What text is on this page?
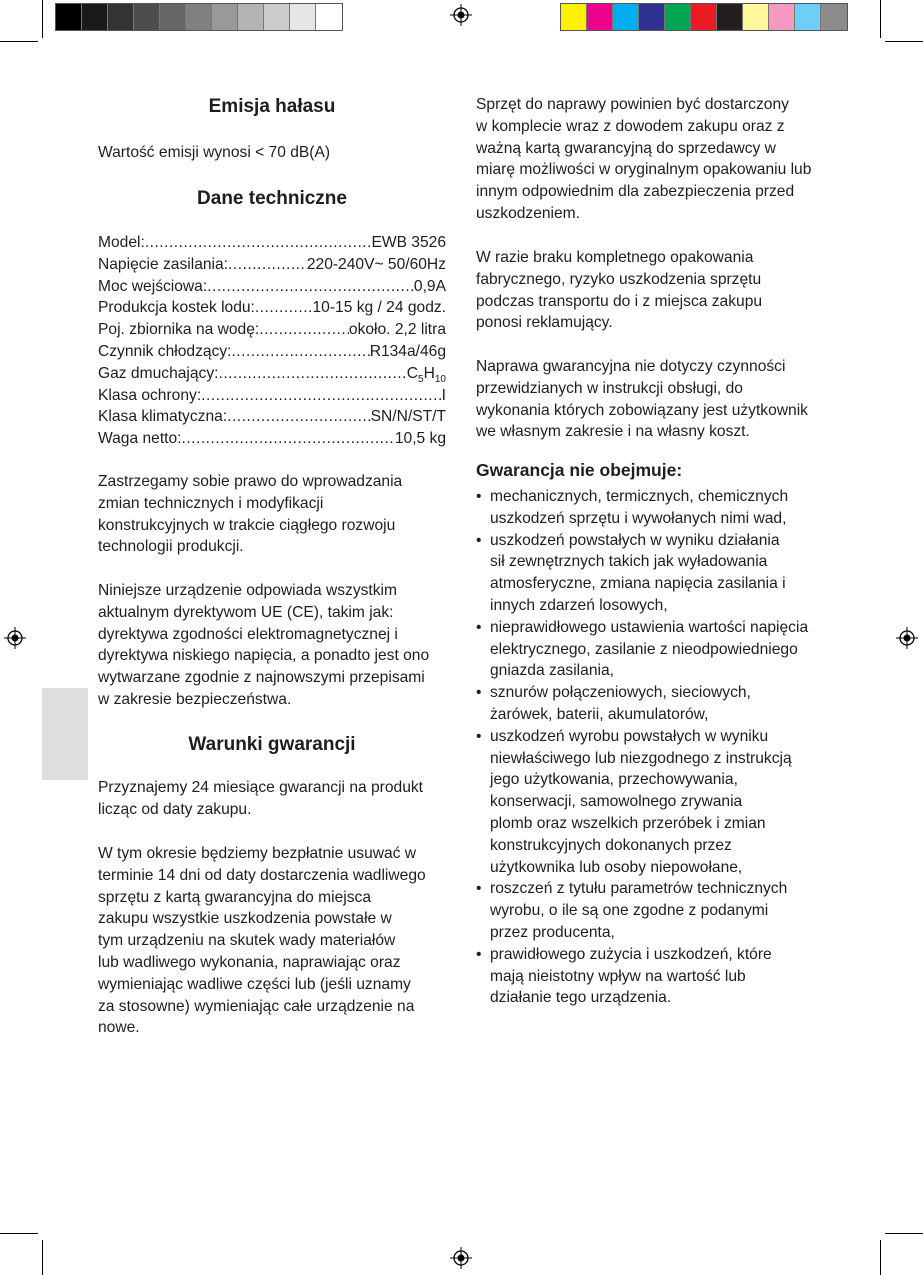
Emisja hałasu

Wartość emisji wynosi < 70 dB(A)

Dane techniczne
Model: .....	EWB 3526
Napięcie zasilania: .....	220-240V~ 50/60Hz
Moc wejściowa: .....	0,9A
Produkcja kostek lodu: .....	10-15 kg / 24 godz.
Poj. zbiornika na wodę: .....	około. 2,2 litra
Czynnik chłodzący: .....	R134a/46g
Gaz dmuchający: .....	$C_5H_{10}$
Klasa ochrony: .....	I
Klasa klimatyczna: .....	SN/N/ST/T
Waga netto: .....	10,5 kg

Zastrzegamy sobie prawo do wprowadzania
zmian technicznych i modyfikacji
konstrukcyjnych w trakcie ciągłego rozwoju
technologii produkcji.

Niniejsze urządzenie odpowiada wszystkim
aktualnym dyrektywom UE (CE), takim jak:
dyrektywa zgodności elektromagnetycznej i
dyrektywa niskiego napięcia, a ponadto jest ono
wytwarzane zgodnie z najnowszymi przepisami
w zakresie bezpieczeństwa.

Warunki gwarancji

Przyznajemy 24 miesiące gwarancji na produkt
licząc od daty zakupu.

W tym okresie będziemy bezpłatnie usuwać w
terminie 14 dni od daty dostarczenia wadliwego
sprzętu z kartą gwarancyjna do miejsca
zakupu wszystkie uszkodzenia powstałe w
tym urządzeniu na skutek wady materiałów
lub wadliwego wykonania, naprawiając oraz
wymieniając wadliwe części lub (jeśli uznamy
za stosowne) wymieniając całe urządzenie na
nowe.

Sprzęt do naprawy powinien być dostarczony
w komplecie wraz z dowodem zakupu oraz z
ważną kartą gwarancyjną do sprzedawcy w
miarę możliwości w oryginalnym opakowaniu lub
innym odpowiednim dla zabezpieczenia przed
uszkodzeniem.

W razie braku kompletnego opakowania
fabrycznego, ryzyko uszkodzenia sprzętu
podczas transportu do i z miejsca zakupu
ponosi reklamujący.

Naprawa gwarancyjna nie dotyczy czynności
przewidzianych w instrukcji obsługi, do
wykonania których zobowiązany jest użytkownik
we własnym zakresie i na własny koszt.

Gwarancja nie obejmuje:
• mechanicznych, termicznych, chemicznych
uszkodzeń sprzętu i wywołanych nimi wad,
• uszkodzeń powstałych w wyniku działania
sił zewnętrznych takich jak wyładowania
atmosferyczne, zmiana napięcia zasilania i
innych zdarzeń losowych,
• nieprawidłowego ustawienia wartości napięcia
elektrycznego, zasilanie z nieodpowiedniego
gniazda zasilania,
• sznurów połączeniowych, sieciowych,
żarówek, baterii, akumulatorów,
• uszkodzeń wyrobu powstałych w wyniku
niewłaściwego lub niezgodnego z instrukcją
jego użytkowania, przechowywania,
konserwacji, samowolnego zrywania
plomb oraz wszelkich przeróbek i zmian
konstrukcyjnych dokonanych przez
użytkownika lub osoby niepowołane,
• roszczeń z tytułu parametrów technicznych
wyrobu, o ile są one zgodne z podanymi
przez producenta,
• prawidłowego zużycia i uszkodzeń, które
mają nieistotny wpływ na wartość lub
działanie tego urządzenia.
